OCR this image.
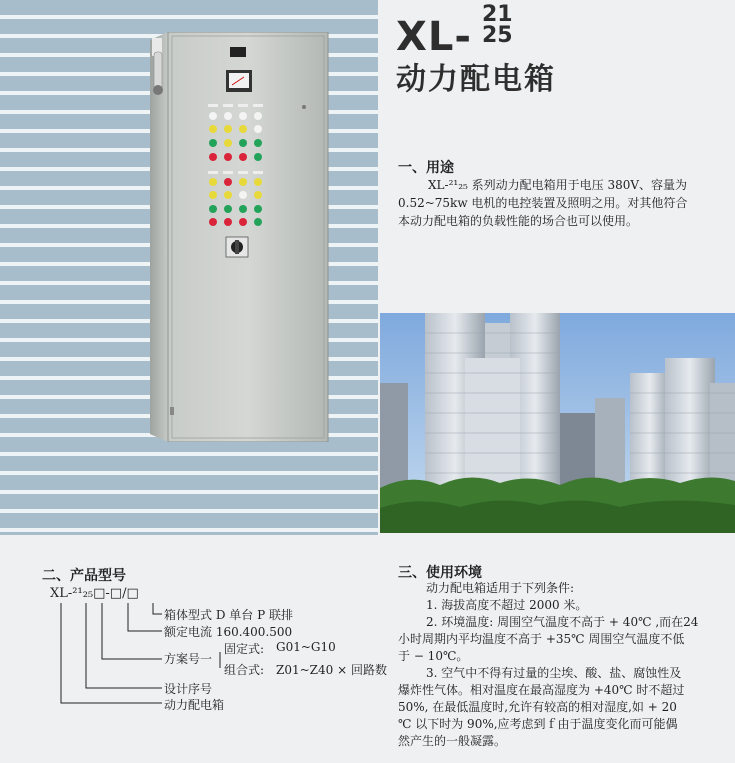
XL- 21
25
动力配电箱
一、用途
XL-²¹₂₅ 系列动力配电箱用于电压 380V、容量为
0.52~75kw 电机的电控装置及照明之用。对其他符合
本动力配电箱的负载性能的场合也可以使用。
二、产品型号
XL-²¹₂₅□-□/□
箱体型式 D 单台 P 联排
额定电流 160.400.500
方案号一
固定式: G01~G10
组合式: Z01~Z40 × 回路数
设计序号
动力配电箱
三、使用环境
动力配电箱适用于下列条件:
1. 海拔高度不超过 2000 米。
2. 环境温度: 周围空气温度不高于 + 40℃ ,而在24
小时周期内平均温度不高于 +35℃ 周围空气温度不低
于 − 10℃。
3. 空气中不得有过量的尘埃、酸、盐、腐蚀性及
爆炸性气体。相对温度在最高湿度为 +40℃ 时不超过
50%, 在最低温度时,允许有较高的相对湿度,如 + 20
℃ 以下时为 90%,应考虑到ｆ由于温度变化而可能偶
然产生的一般凝露。
